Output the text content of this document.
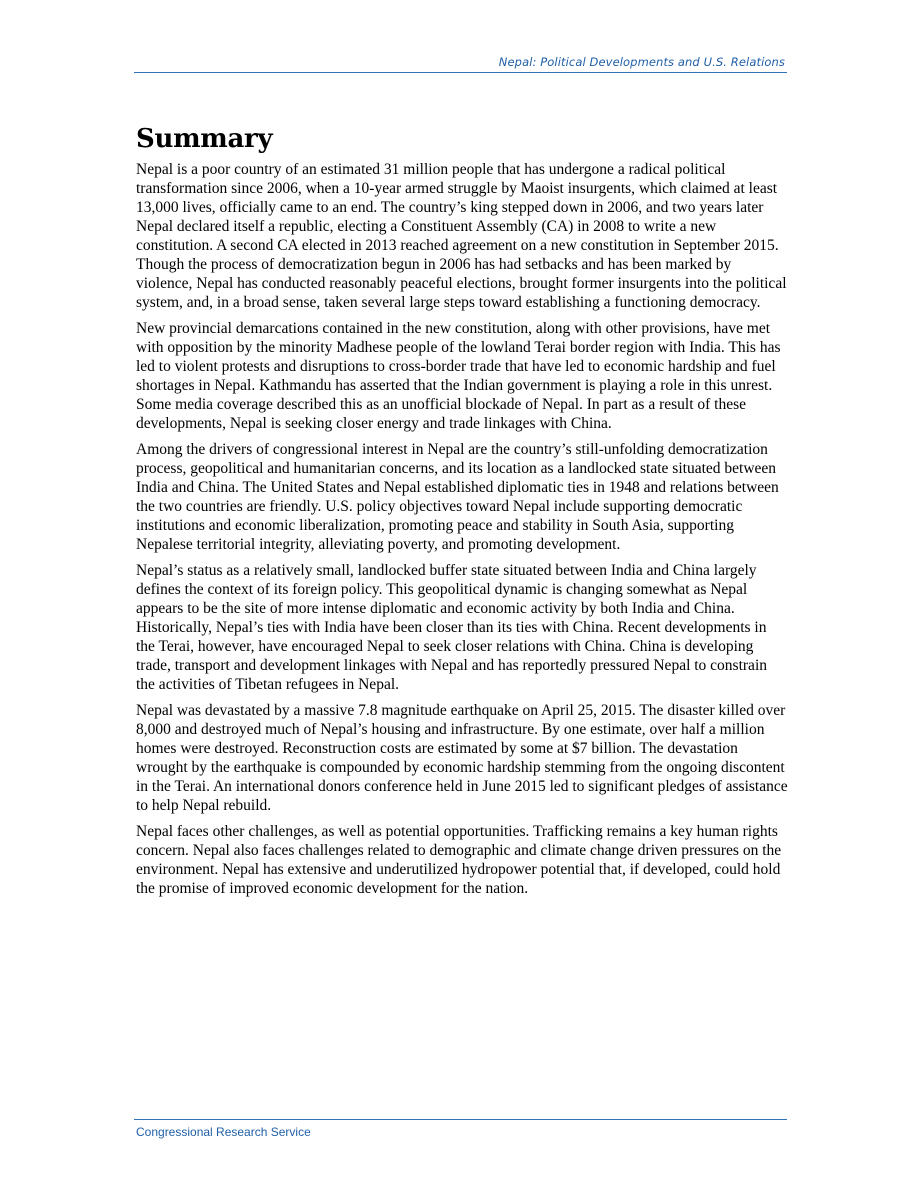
Nepal: Political Developments and U.S. Relations
Summary

Nepal is a poor country of an estimated 31 million people that has undergone a radical political transformation since 2006, when a 10-year armed struggle by Maoist insurgents, which claimed at least 13,000 lives, officially came to an end. The country’s king stepped down in 2006, and two years later Nepal declared itself a republic, electing a Constituent Assembly (CA) in 2008 to write a new constitution. A second CA elected in 2013 reached agreement on a new constitution in September 2015. Though the process of democratization begun in 2006 has had setbacks and has been marked by violence, Nepal has conducted reasonably peaceful elections, brought former insurgents into the political system, and, in a broad sense, taken several large steps toward establishing a functioning democracy.

New provincial demarcations contained in the new constitution, along with other provisions, have met with opposition by the minority Madhese people of the lowland Terai border region with India. This has led to violent protests and disruptions to cross-border trade that have led to economic hardship and fuel shortages in Nepal. Kathmandu has asserted that the Indian government is playing a role in this unrest. Some media coverage described this as an unofficial blockade of Nepal. In part as a result of these developments, Nepal is seeking closer energy and trade linkages with China.

Among the drivers of congressional interest in Nepal are the country’s still-unfolding democratization process, geopolitical and humanitarian concerns, and its location as a landlocked state situated between India and China. The United States and Nepal established diplomatic ties in 1948 and relations between the two countries are friendly. U.S. policy objectives toward Nepal include supporting democratic institutions and economic liberalization, promoting peace and stability in South Asia, supporting Nepalese territorial integrity, alleviating poverty, and promoting development.

Nepal’s status as a relatively small, landlocked buffer state situated between India and China largely defines the context of its foreign policy. This geopolitical dynamic is changing somewhat as Nepal appears to be the site of more intense diplomatic and economic activity by both India and China. Historically, Nepal’s ties with India have been closer than its ties with China. Recent developments in the Terai, however, have encouraged Nepal to seek closer relations with China. China is developing trade, transport and development linkages with Nepal and has reportedly pressured Nepal to constrain the activities of Tibetan refugees in Nepal.

Nepal was devastated by a massive 7.8 magnitude earthquake on April 25, 2015. The disaster killed over 8,000 and destroyed much of Nepal’s housing and infrastructure. By one estimate, over half a million homes were destroyed. Reconstruction costs are estimated by some at $7 billion. The devastation wrought by the earthquake is compounded by economic hardship stemming from the ongoing discontent in the Terai. An international donors conference held in June 2015 led to significant pledges of assistance to help Nepal rebuild.

Nepal faces other challenges, as well as potential opportunities. Trafficking remains a key human rights concern. Nepal also faces challenges related to demographic and climate change driven pressures on the environment. Nepal has extensive and underutilized hydropower potential that, if developed, could hold the promise of improved economic development for the nation.

Congressional Research Service
